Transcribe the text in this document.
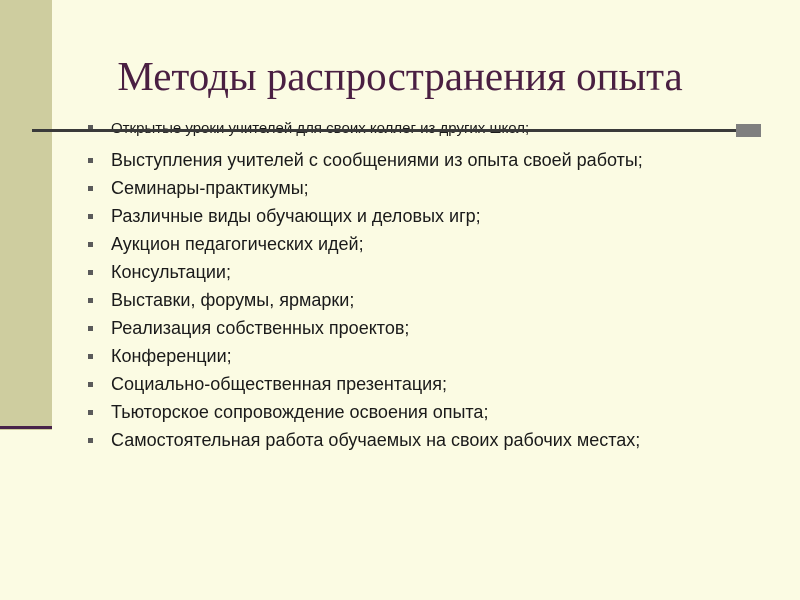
Методы распространения опыта
Выступления учителей с сообщениями из опыта своей работы;
Семинары-практикумы;
Различные виды обучающих и деловых игр;
Аукцион педагогических идей;
Консультации;
Выставки, форумы, ярмарки;
Реализация собственных проектов;
Конференции;
Социально-общественная презентация;
Тьюторское сопровождение освоения опыта;
Самостоятельная работа обучаемых на своих рабочих местах;
